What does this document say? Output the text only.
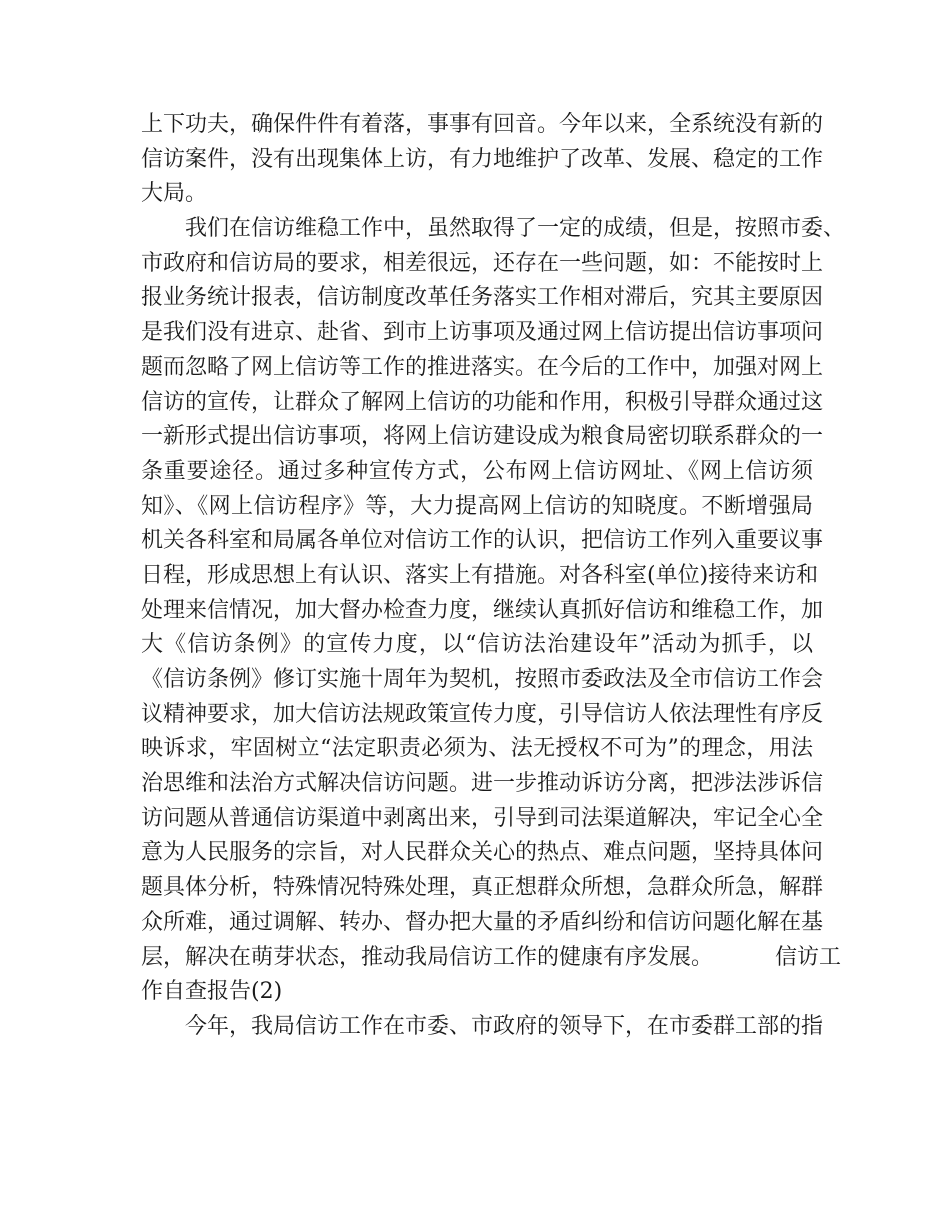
上下功夫，确保件件有着落，事事有回音。今年以来，全系统没有新的
信访案件，没有出现集体上访，有力地维护了改革、发展、稳定的工作
大局。
我们在信访维稳工作中，虽然取得了一定的成绩，但是，按照市委、
市政府和信访局的要求，相差很远，还存在一些问题，如：不能按时上
报业务统计报表，信访制度改革任务落实工作相对滞后，究其主要原因
是我们没有进京、赴省、到市上访事项及通过网上信访提出信访事项问
题而忽略了网上信访等工作的推进落实。在今后的工作中，加强对网上
信访的宣传，让群众了解网上信访的功能和作用，积极引导群众通过这
一新形式提出信访事项，将网上信访建设成为粮食局密切联系群众的一
条重要途径。通过多种宣传方式，公布网上信访网址、《网上信访须
知》、《网上信访程序》等，大力提高网上信访的知晓度。不断增强局
机关各科室和局属各单位对信访工作的认识，把信访工作列入重要议事
日程，形成思想上有认识、落实上有措施。对各科室(单位)接待来访和
处理来信情况，加大督办检查力度，继续认真抓好信访和维稳工作，加
大《信访条例》的宣传力度，以“信访法治建设年”活动为抓手，以
《信访条例》修订实施十周年为契机，按照市委政法及全市信访工作会
议精神要求，加大信访法规政策宣传力度，引导信访人依法理性有序反
映诉求，牢固树立“法定职责必须为、法无授权不可为”的理念，用法
治思维和法治方式解决信访问题。进一步推动诉访分离，把涉法涉诉信
访问题从普通信访渠道中剥离出来，引导到司法渠道解决，牢记全心全
意为人民服务的宗旨，对人民群众关心的热点、难点问题，坚持具体问
题具体分析，特殊情况特殊处理，真正想群众所想，急群众所急，解群
众所难，通过调解、转办、督办把大量的矛盾纠纷和信访问题化解在基
层，解决在萌芽状态，推动我局信访工作的健康有序发展。	信访工
作自查报告(2)
今年，我局信访工作在市委、市政府的领导下，在市委群工部的指
